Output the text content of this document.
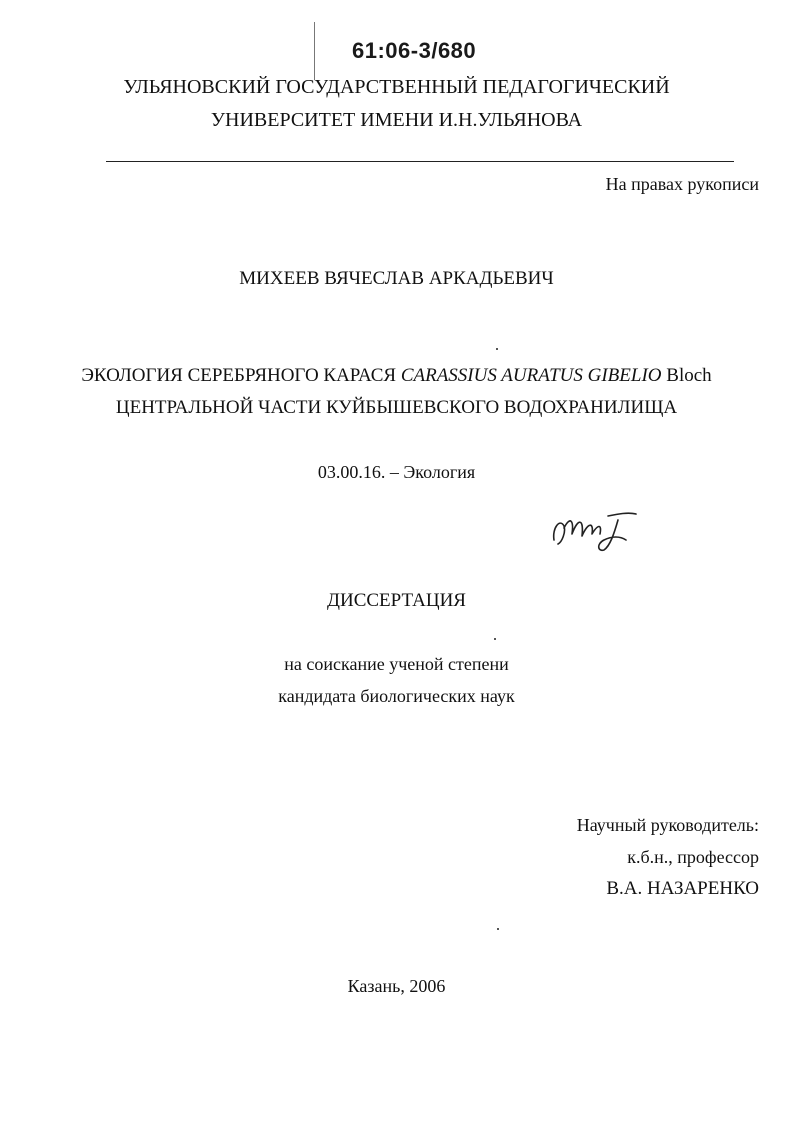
61:06-3/680
УЛЬЯНОВСКИЙ ГОСУДАРСТВЕННЫЙ ПЕДАГОГИЧЕСКИЙ
УНИВЕРСИТЕТ ИМЕНИ И.Н.УЛЬЯНОВА
На правах рукописи
МИХЕЕВ ВЯЧЕСЛАВ АРКАДЬЕВИЧ
ЭКОЛОГИЯ СЕРЕБРЯНОГО КАРАСЯ CARASSIUS AURATUS GIBELIO Bloch
ЦЕНТРАЛЬНОЙ ЧАСТИ КУЙБЫШЕВСКОГО ВОДОХРАНИЛИЩА
03.00.16. – Экология
ДИССЕРТАЦИЯ
на соискание ученой степени
кандидата биологических наук
Научный руководитель:
к.б.н., профессор
В.А. НАЗАРЕНКО
Казань, 2006
